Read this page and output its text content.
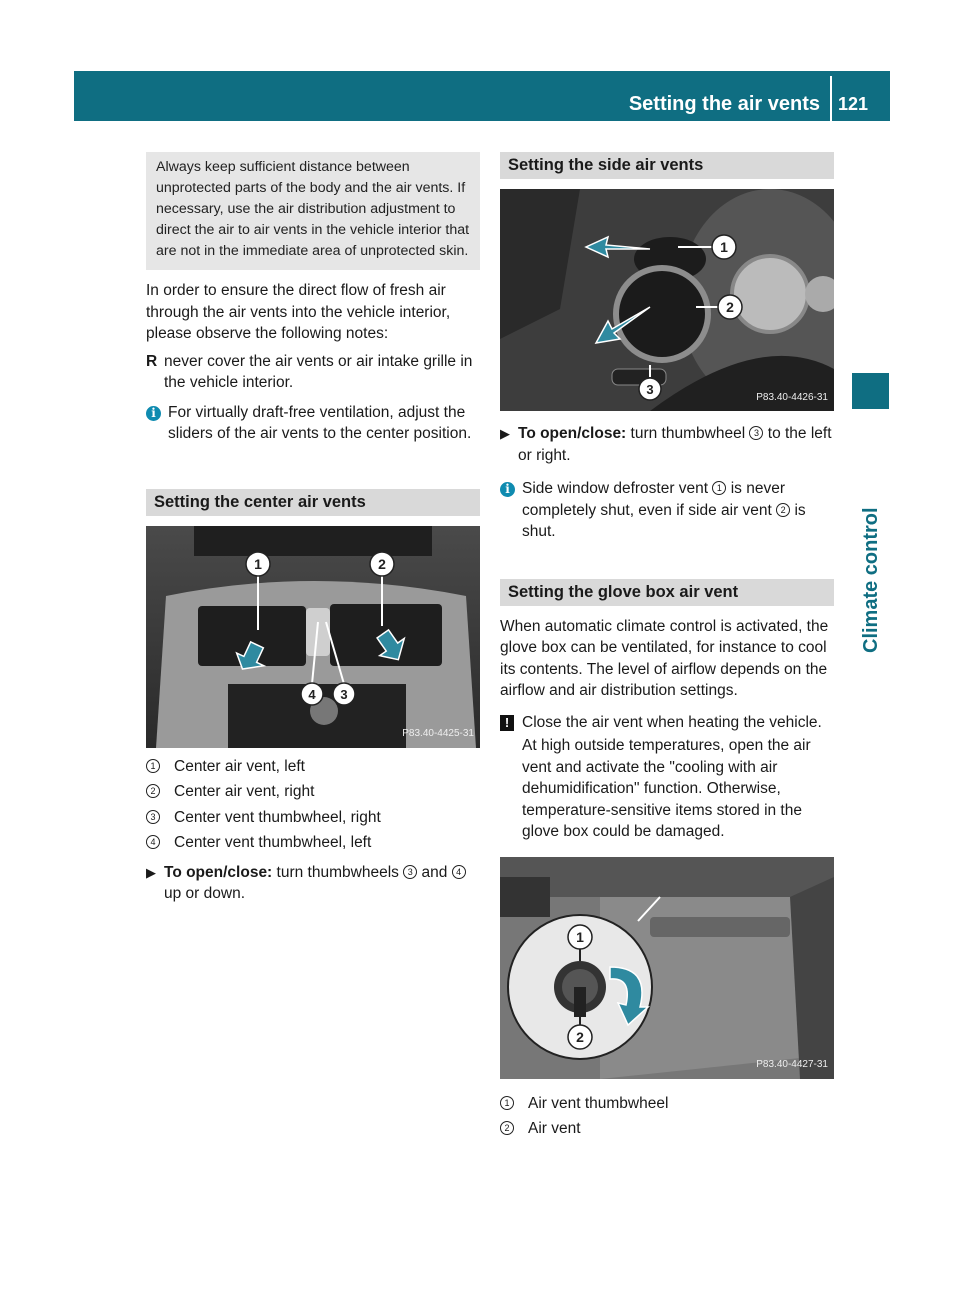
Setting the air vents 121
Climate control

Always keep sufficient distance between unprotected parts of the body and the air vents. If necessary, use the air distribution adjustment to direct the air to air vents in the vehicle interior that are not in the immediate area of unprotected skin.

In order to ensure the direct flow of fresh air through the air vents into the vehicle interior, please observe the following notes:

R never cover the air vents or air intake grille in the vehicle interior.
i For virtually draft-free ventilation, adjust the sliders of the air vents to the center position.
Setting the center air vents
1	2
4 3
P83.40-4425-31
1	Center air vent, left
2	Center air vent, right
3	Center vent thumbwheel, right
4	Center vent thumbwheel, left
▶ To open/close: turn thumbwheels 3 and 4 up or down.
Setting the side air vents
1
2
3	P83.40-4426-31
▶ To open/close: turn thumbwheel 3 to the left or right.
i Side window defroster vent 1 is never completely shut, even if side air vent 2 is shut.
Setting the glove box air vent

When automatic climate control is activated, the glove box can be ventilated, for instance to cool its contents. The level of airflow depends on the airflow and air distribution settings.

! Close the air vent when heating the vehicle.

At high outside temperatures, open the air vent and activate the "cooling with air dehumidification" function. Otherwise, temperature-sensitive items stored in the glove box could be damaged.

1
2
P83.40-4427-31
1	Air vent thumbwheel
2	Air vent
